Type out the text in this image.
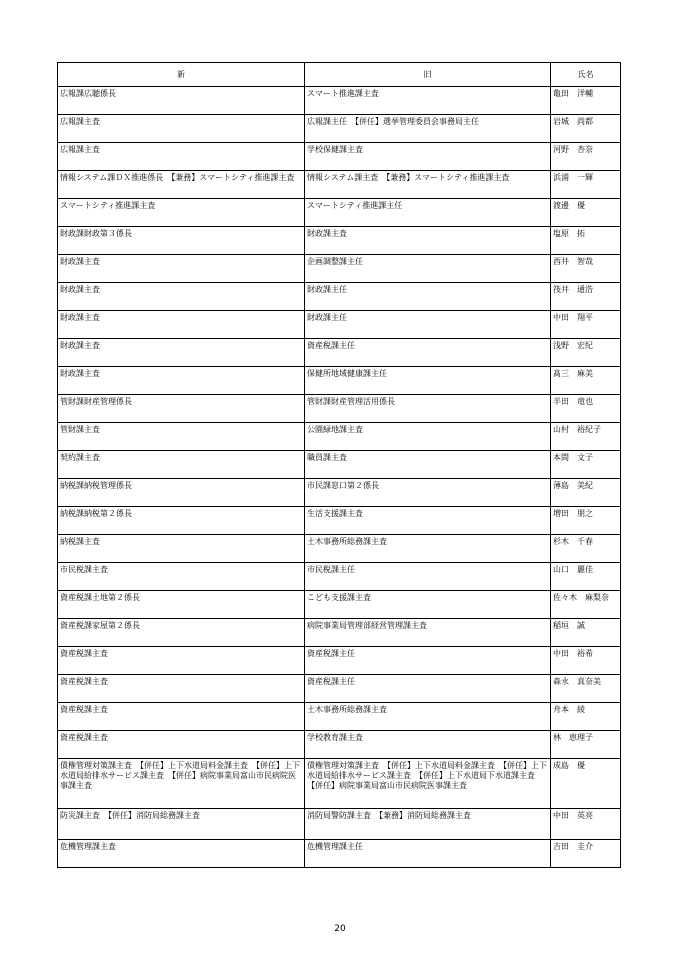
新	旧	氏名
広報課広聴係長	スマート推進課主査	亀田　洋輔
広報課主査	広報課主任　【併任】選挙管理委員会事務局主任	岩城　尚都
広報課主査	学校保健課主査	河野　杏奈
情報システム課ＤＸ推進係長　【兼務】スマートシティ推進課主査	情報システム課主査　【兼務】スマートシティ推進課主査	浜浦　一輝
スマートシティ推進課主査	スマートシティ推進課主任	渡邊　優
財政課財政第３係長	財政課主査	塩原　拓
財政課主査	企画調整課主任	西井　智哉
財政課主査	財政課主任	筏井　通浩
財政課主査	財政課主任	中田　翔平
財政課主査	資産税課主任	浅野　宏紀
財政課主査	保健所地域健康課主任	髙三　麻美
管財課財産管理係長	管財課財産管理活用係長	半田　竜也
管財課主査	公園緑地課主査	山村　裕紀子
契約課主査	職員課主査	本間　文子
納税課納税管理係長	市民課窓口第２係長	薄島　美紀
納税課納税第２係長	生活支援課主査	増田　朋之
納税課主査	土木事務所総務課主査	杉木　千春
市民税課主査	市民税課主任	山口　麗佳
資産税課土地第２係長	こども支援課主査	佐々木　麻梨奈
資産税課家屋第２係長	病院事業局管理部経営管理課主査	稲垣　誠
資産税課主査	資産税課主任	中田　裕希
資産税課主査	資産税課主任	森永　真奈美
資産税課主査	土木事務所総務課主査	舟本　綾
資産税課主査	学校教育課主査	林　恵理子
債権管理対策課主査　【併任】上下水道局料金課主査　【併任】上下水道局給排水サービス課主査　【併任】病院事業局富山市民病院医事課主査	債権管理対策課主査　【併任】上下水道局料金課主査　【併任】上下水道局給排水サービス課主査　【併任】上下水道局下水道課主査　【併任】病院事業局富山市民病院医事課主査	成島　優
防災課主査　【併任】消防局総務課主査	消防局警防課主査　【兼務】消防局総務課主査	中田　英亮
危機管理課主査	危機管理課主任	吉田　圭介
20
